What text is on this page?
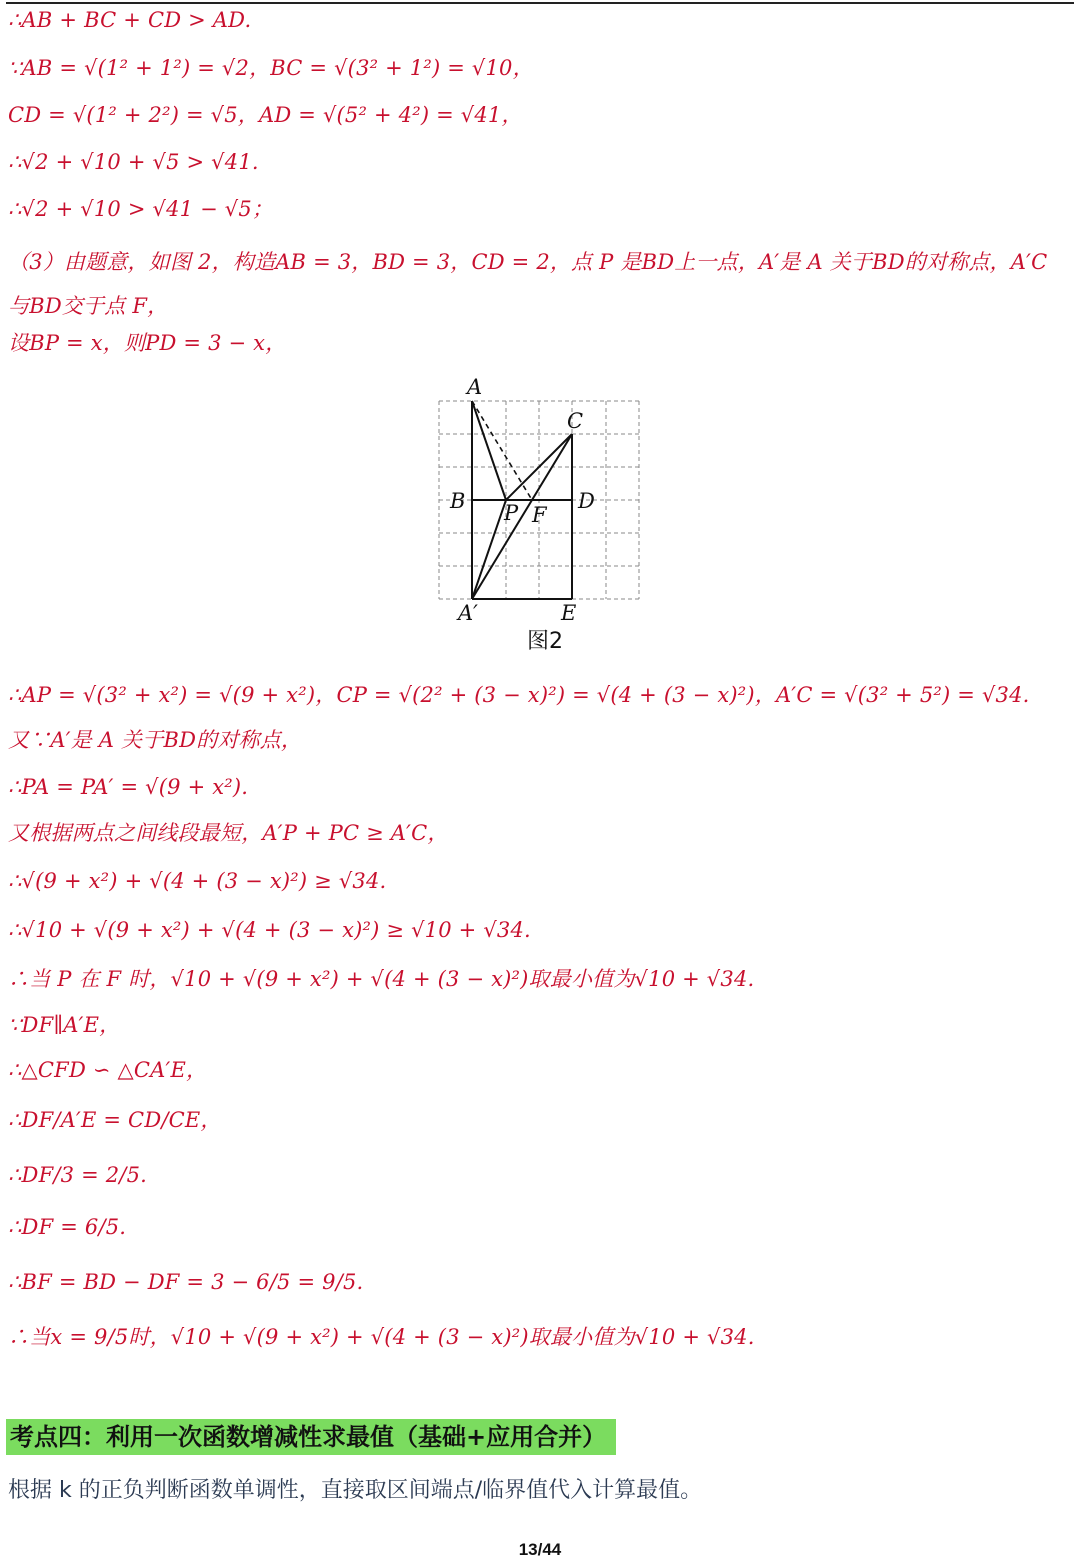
∴AB + BC + CD > AD.
∵AB = √(1² + 1²) = √2，BC = √(3² + 1²) = √10，
CD = √(1² + 2²) = √5，AD = √(5² + 4²) = √41，
∴√2 + √10 + √5 > √41.
∴√2 + √10 > √41 − √5；
（3）由题意，如图 2，构造AB = 3，BD = 3，CD = 2，点 P 是BD上一点，A′是 A 关于BD的对称点，A′C 与BD交于点 F，
设BP = x，则PD = 3 − x，
A
C
B	D
P F
A′	E
图2
∴AP = √(3² + x²) = √(9 + x²)，CP = √(2² + (3 − x)²) = √(4 + (3 − x)²)，A′C = √(3² + 5²) = √34.
又∵A′是 A 关于BD的对称点，
∴PA = PA′ = √(9 + x²).
又根据两点之间线段最短，A′P + PC ≥ A′C，
∴√(9 + x²) + √(4 + (3 − x)²) ≥ √34.
∴√10 + √(9 + x²) + √(4 + (3 − x)²) ≥ √10 + √34.
∴当 P 在 F 时，√10 + √(9 + x²) + √(4 + (3 − x)²)取最小值为√10 + √34.
∵DF∥A′E，
∴△CFD ∽ △CA′E，
∴DF/A′E = CD/CE，
∴DF/3 = 2/5.
∴DF = 6/5.
∴BF = BD − DF = 3 − 6/5 = 9/5.
∴当x = 9/5时，√10 + √(9 + x²) + √(4 + (3 − x)²)取最小值为√10 + √34.
考点四：利用一次函数增减性求最值（基础+应用合并）
根据 k 的正负判断函数单调性，直接取区间端点/临界值代入计算最值。
13/44
